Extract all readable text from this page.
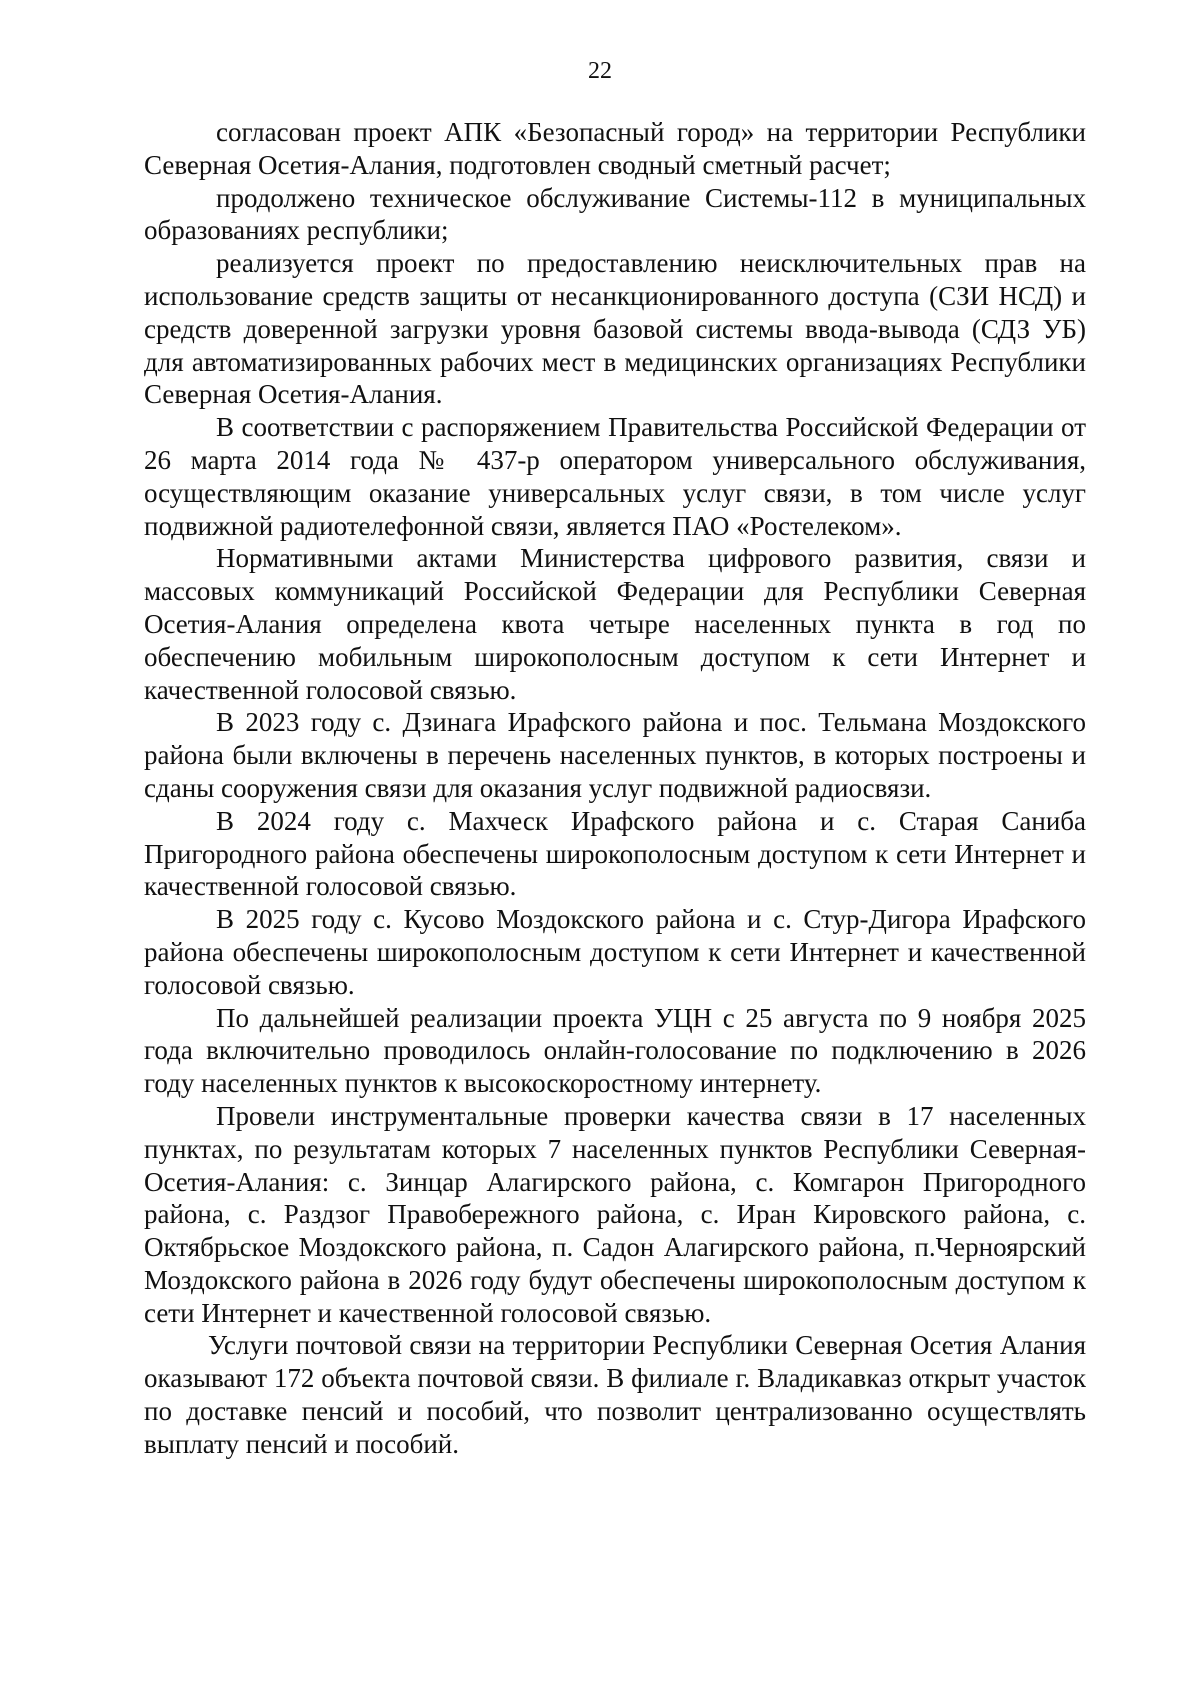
22

согласован проект АПК «Безопасный город» на территории Республики Северная Осетия-Алания, подготовлен сводный сметный расчет;

продолжено техническое обслуживание Системы-112 в муниципальных образованиях республики;

реализуется проект по предоставлению неисключительных прав на использование средств защиты от несанкционированного доступа (СЗИ НСД) и средств доверенной загрузки уровня базовой системы ввода-вывода (СДЗ УБ) для автоматизированных рабочих мест в медицинских организациях Республики Северная Осетия-Алания.

В соответствии с распоряжением Правительства Российской Федерации от 26 марта 2014 года № 437-р оператором универсального обслуживания, осуществляющим оказание универсальных услуг связи, в том числе услуг подвижной радиотелефонной связи, является ПАО «Ростелеком».

Нормативными актами Министерства цифрового развития, связи и массовых коммуникаций Российской Федерации для Республики Северная Осетия-Алания определена квота четыре населенных пункта в год по обеспечению мобильным широкополосным доступом к сети Интернет и качественной голосовой связью.

В 2023 году с. Дзинага Ирафского района и пос. Тельмана Моздокского района были включены в перечень населенных пунктов, в которых построены и сданы сооружения связи для оказания услуг подвижной радиосвязи.

В 2024 году с. Махческ Ирафского района и с. Старая Саниба Пригородного района обеспечены широкополосным доступом к сети Интернет и качественной голосовой связью.

В 2025 году с. Кусово Моздокского района и с. Стур-Дигора Ирафского района обеспечены широкополосным доступом к сети Интернет и качественной голосовой связью.

По дальнейшей реализации проекта УЦН с 25 августа по 9 ноября 2025 года включительно проводилось онлайн-голосование по подключению в 2026 году населенных пунктов к высокоскоростному интернету.

Провели инструментальные проверки качества связи в 17 населенных пунктах, по результатам которых 7 населенных пунктов Республики Северная-Осетия-Алания: с. Зинцар Алагирского района, с. Комгарон Пригородного района, с. Раздзог Правобережного района, с. Иран Кировского района, с. Октябрьское Моздокского района, п. Садон Алагирского района, п.Черноярский Моздокского района в 2026 году будут обеспечены широкополосным доступом к сети Интернет и качественной голосовой связью.

Услуги почтовой связи на территории Республики Северная Осетия Алания оказывают 172 объекта почтовой связи. В филиале г. Владикавказ открыт участок по доставке пенсий и пособий, что позволит централизованно осуществлять выплату пенсий и пособий.
